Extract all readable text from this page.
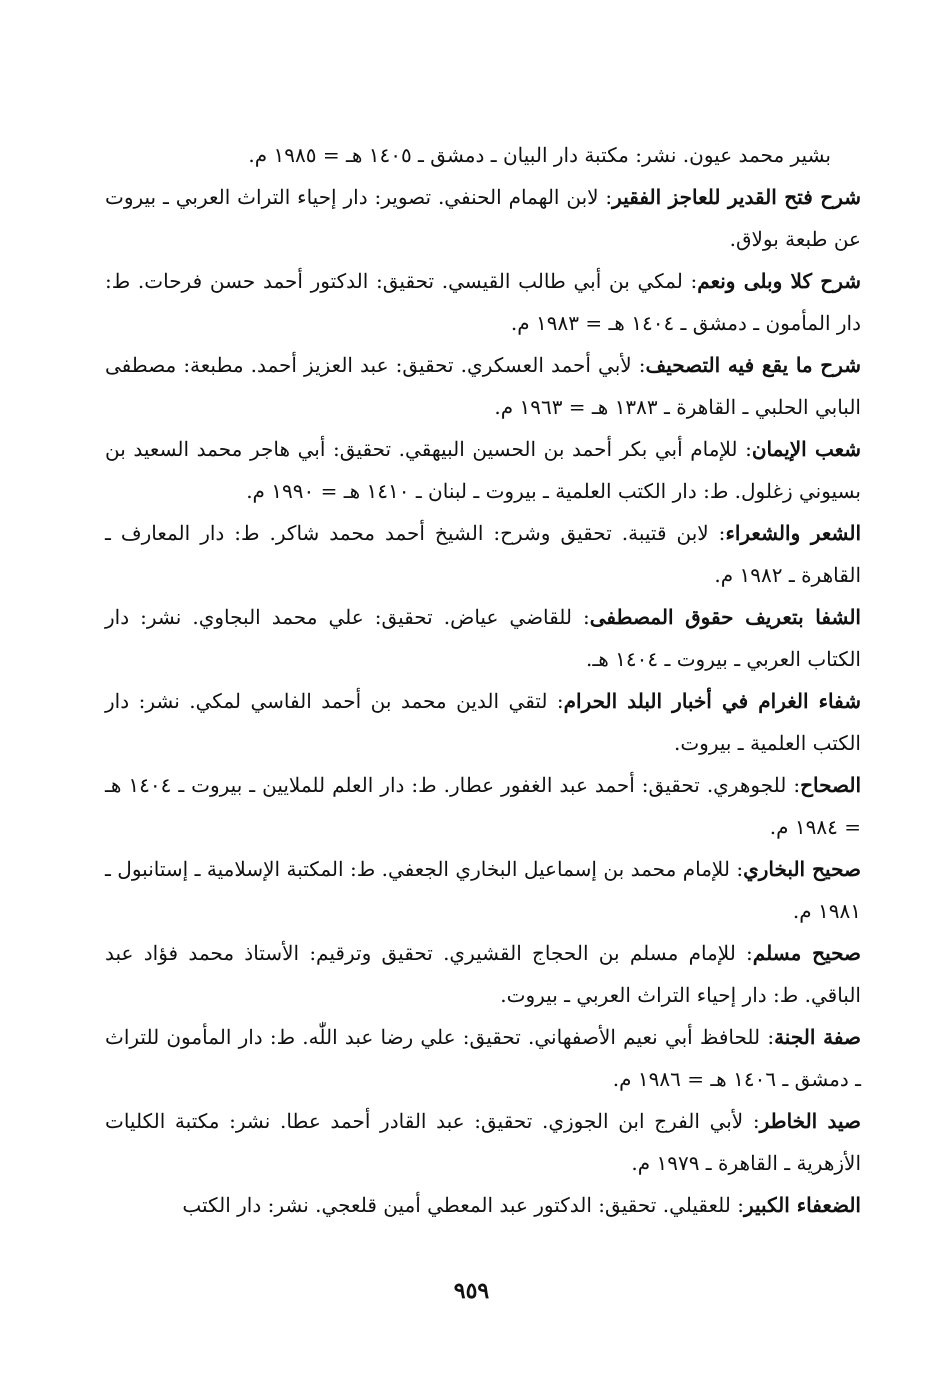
بشير محمد عيون. نشر: مكتبة دار البيان ـ دمشق ـ ١٤٠٥ هـ = ١٩٨٥ م.

شرح فتح القدير للعاجز الفقير: لابن الهمام الحنفي. تصوير: دار إحياء التراث العربي ـ بيروت عن طبعة بولاق.

شرح كلا وبلى ونعم: لمكي بن أبي طالب القيسي. تحقيق: الدكتور أحمد حسن فرحات. ط: دار المأمون ـ دمشق ـ ١٤٠٤ هـ = ١٩٨٣ م.

شرح ما يقع فيه التصحيف: لأبي أحمد العسكري. تحقيق: عبد العزيز أحمد. مطبعة: مصطفى البابي الحلبي ـ القاهرة ـ ١٣٨٣ هـ = ١٩٦٣ م.

شعب الإيمان: للإمام أبي بكر أحمد بن الحسين البيهقي. تحقيق: أبي هاجر محمد السعيد بن بسيوني زغلول. ط: دار الكتب العلمية ـ بيروت ـ لبنان ـ ١٤١٠ هـ = ١٩٩٠ م.

الشعر والشعراء: لابن قتيبة. تحقيق وشرح: الشيخ أحمد محمد شاكر. ط: دار المعارف ـ القاهرة ـ ١٩٨٢ م.

الشفا بتعريف حقوق المصطفى: للقاضي عياض. تحقيق: علي محمد البجاوي. نشر: دار الكتاب العربي ـ بيروت ـ ١٤٠٤ هـ.

شفاء الغرام في أخبار البلد الحرام: لتقي الدين محمد بن أحمد الفاسي لمكي. نشر: دار الكتب العلمية ـ بيروت.

الصحاح: للجوهري. تحقيق: أحمد عبد الغفور عطار. ط: دار العلم للملايين ـ بيروت ـ ١٤٠٤ هـ = ١٩٨٤ م.

صحيح البخاري: للإمام محمد بن إسماعيل البخاري الجعفي. ط: المكتبة الإسلامية ـ إستانبول ـ ١٩٨١ م.

صحيح مسلم: للإمام مسلم بن الحجاج القشيري. تحقيق وترقيم: الأستاذ محمد فؤاد عبد الباقي. ط: دار إحياء التراث العربي ـ بيروت.

صفة الجنة: للحافظ أبي نعيم الأصفهاني. تحقيق: علي رضا عبد اللّٰه. ط: دار المأمون للتراث ـ دمشق ـ ١٤٠٦ هـ = ١٩٨٦ م.

صيد الخاطر: لأبي الفرج ابن الجوزي. تحقيق: عبد القادر أحمد عطا. نشر: مكتبة الكليات الأزهرية ـ القاهرة ـ ١٩٧٩ م.

الضعفاء الكبير: للعقيلي. تحقيق: الدكتور عبد المعطي أمين قلعجي. نشر: دار الكتب

٩٥٩
